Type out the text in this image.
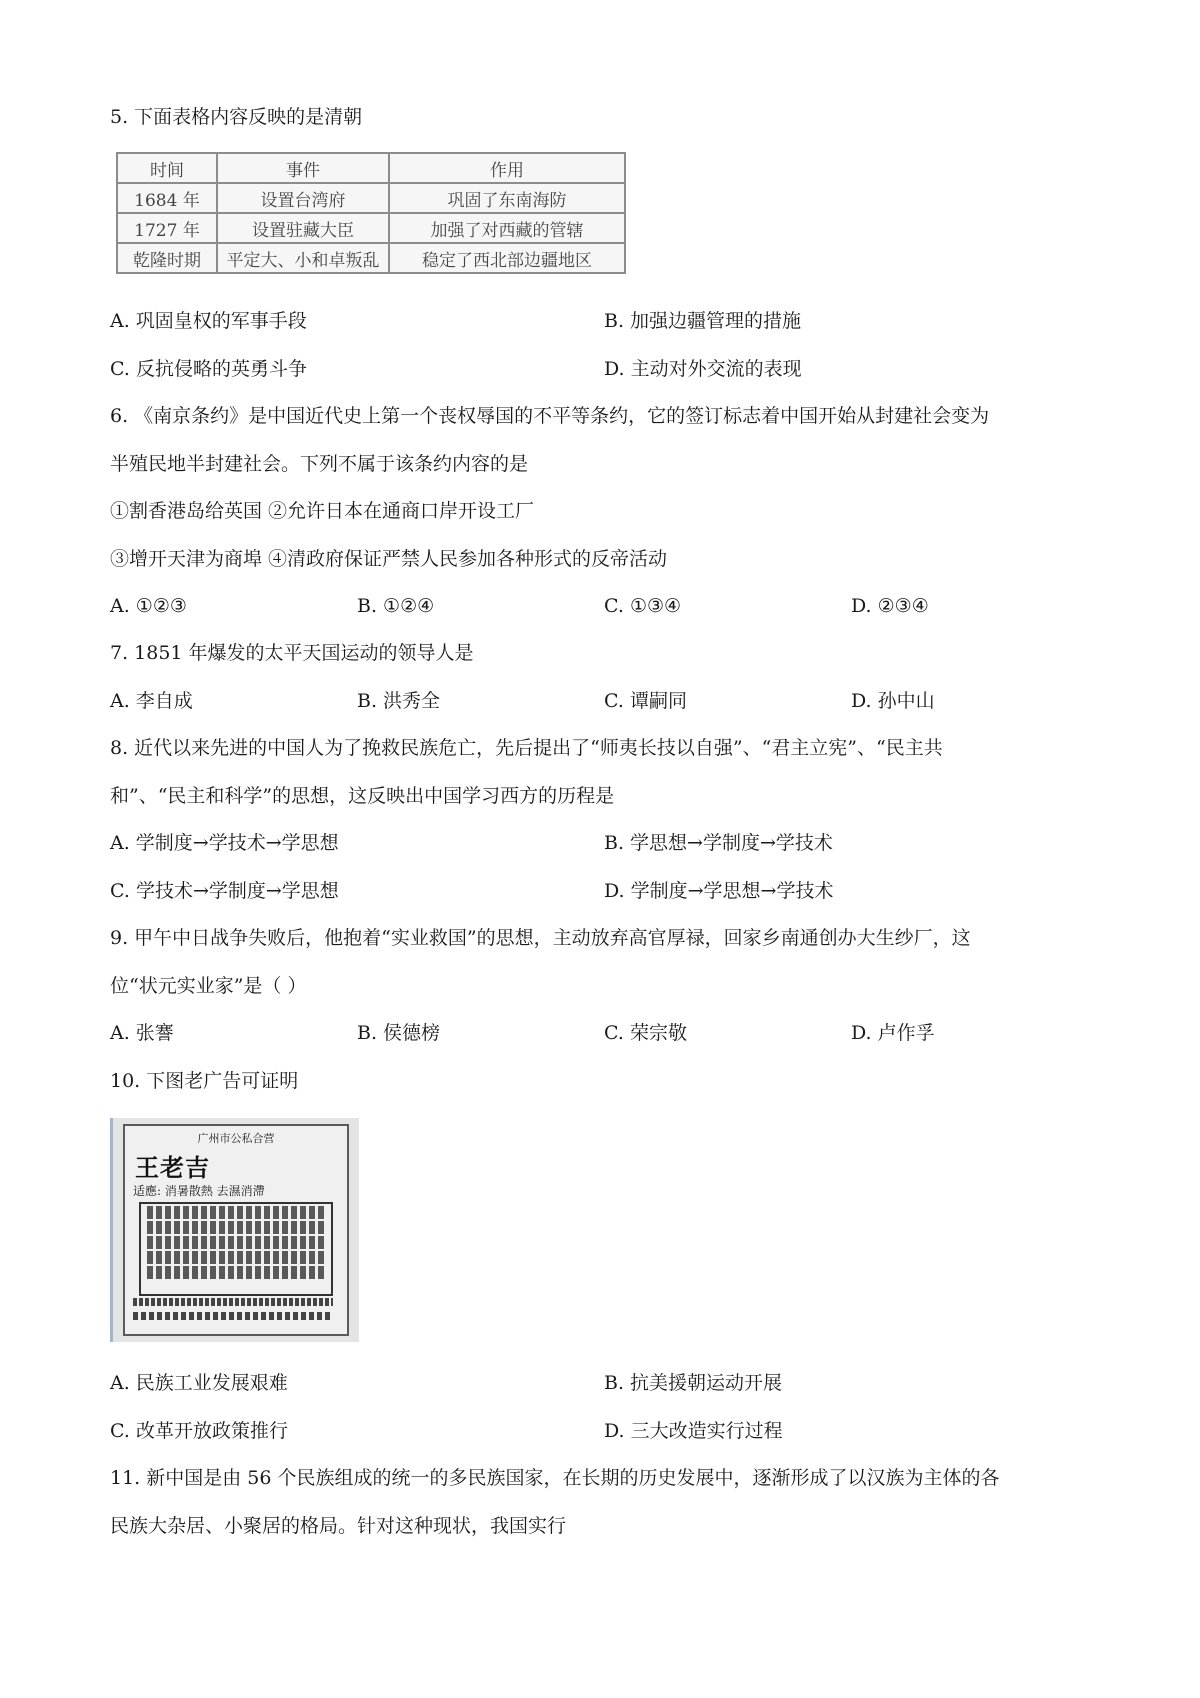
5. 下面表格内容反映的是清朝
时间	事件	作用
1684 年	设置台湾府	巩固了东南海防
1727 年	设置驻藏大臣	加强了对西藏的管辖
乾隆时期	平定大、小和卓叛乱	稳定了西北部边疆地区
A. 巩固皇权的军事手段	B. 加强边疆管理的措施
C. 反抗侵略的英勇斗争	D. 主动对外交流的表现
6. 《南京条约》是中国近代史上第一个丧权辱国的不平等条约，它的签订标志着中国开始从封建社会变为
半殖民地半封建社会。下列不属于该条约内容的是
①割香港岛给英国 ②允许日本在通商口岸开设工厂
③增开天津为商埠 ④清政府保证严禁人民参加各种形式的反帝活动
A. ①②③	B. ①②④	C. ①③④	D. ②③④
7. 1851 年爆发的太平天国运动的领导人是
A. 李自成	B. 洪秀全	C. 谭嗣同	D. 孙中山
8. 近代以来先进的中国人为了挽救民族危亡，先后提出了“师夷长技以自强”、“君主立宪”、“民主共
和”、“民主和科学”的思想，这反映出中国学习西方的历程是
A. 学制度→学技术→学思想	B. 学思想→学制度→学技术
C. 学技术→学制度→学思想	D. 学制度→学思想→学技术
9. 甲午中日战争失败后，他抱着“实业救国”的思想，主动放弃高官厚禄，回家乡南通创办大生纱厂，这
位“状元实业家”是（ ）
A. 张謇	B. 侯德榜	C. 荣宗敬	D. 卢作孚
10. 下图老广告可证明
广州市公私合营
王老吉
适應: 消暑散熱 去濕消滯
A. 民族工业发展艰难	B. 抗美援朝运动开展
C. 改革开放政策推行	D. 三大改造实行过程
11. 新中国是由 56 个民族组成的统一的多民族国家，在长期的历史发展中，逐渐形成了以汉族为主体的各
民族大杂居、小聚居的格局。针对这种现状，我国实行
